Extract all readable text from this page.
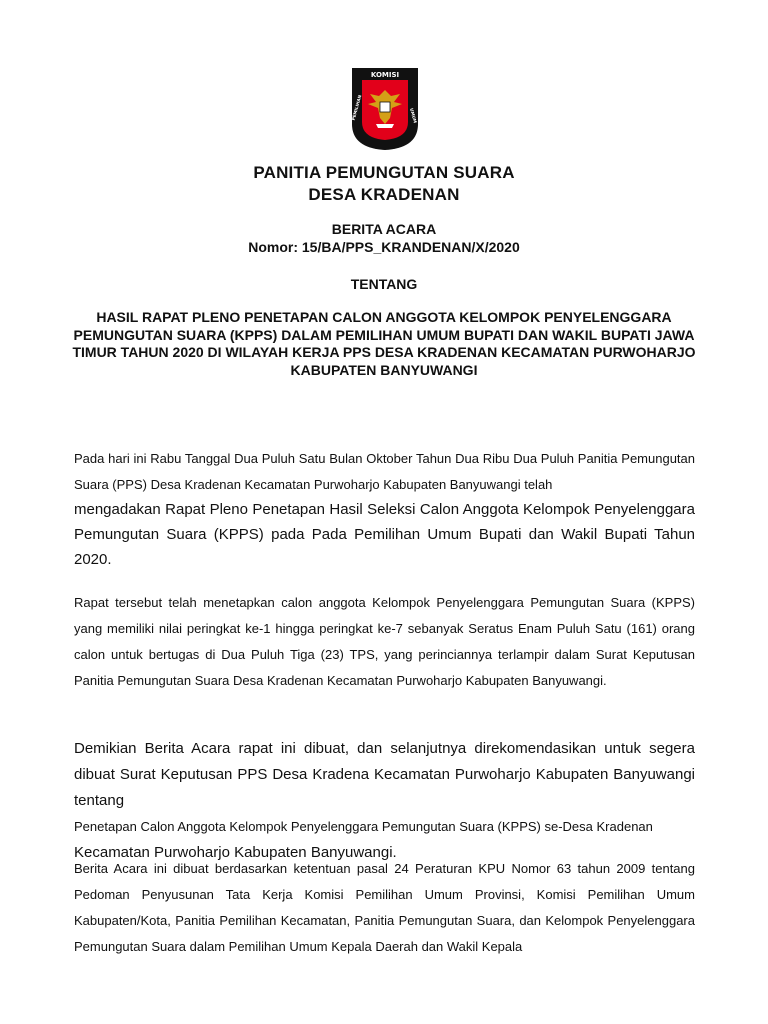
KOMISI
PEMILIHAN	UMUM
PANITIA PEMUNGUTAN SUARA
DESA KRADENAN
BERITA ACARA
Nomor: 15/BA/PPS_KRANDENAN/X/2020
TENTANG
HASIL RAPAT PLENO PENETAPAN CALON ANGGOTA KELOMPOK PENYELENGGARA PEMUNGUTAN SUARA (KPPS) DALAM PEMILIHAN UMUM BUPATI DAN WAKIL BUPATI JAWA TIMUR TAHUN 2020 DI WILAYAH KERJA PPS DESA KRADENAN KECAMATAN PURWOHARJO KABUPATEN BANYUWANGI
Pada hari ini Rabu Tanggal Dua Puluh Satu Bulan Oktober Tahun Dua Ribu Dua Puluh Panitia Pemungutan Suara (PPS) Desa Kradenan Kecamatan Purwoharjo Kabupaten Banyuwangi telah
mengadakan Rapat Pleno Penetapan Hasil Seleksi Calon Anggota Kelompok Penyelenggara Pemungutan Suara (KPPS) pada Pada Pemilihan Umum Bupati dan Wakil Bupati Tahun 2020.
Rapat tersebut telah menetapkan calon anggota Kelompok Penyelenggara Pemungutan Suara (KPPS) yang memiliki nilai peringkat ke-1 hingga peringkat ke-7 sebanyak Seratus Enam Puluh Satu (161) orang calon untuk bertugas di Dua Puluh Tiga (23) TPS, yang perinciannya terlampir dalam Surat Keputusan Panitia Pemungutan Suara Desa Kradenan Kecamatan Purwoharjo Kabupaten Banyuwangi.
Demikian Berita Acara rapat ini dibuat, dan selanjutnya direkomendasikan untuk segera dibuat Surat Keputusan PPS Desa Kradena Kecamatan Purwoharjo Kabupaten Banyuwangi tentang
Penetapan Calon Anggota Kelompok Penyelenggara Pemungutan Suara (KPPS) se-Desa Kradenan
Kecamatan Purwoharjo Kabupaten Banyuwangi.
Berita Acara ini dibuat berdasarkan ketentuan pasal 24 Peraturan KPU Nomor 63 tahun 2009 tentang Pedoman Penyusunan Tata Kerja Komisi Pemilihan Umum Provinsi, Komisi Pemilihan Umum Kabupaten/Kota, Panitia Pemilihan Kecamatan, Panitia Pemungutan Suara, dan Kelompok Penyelenggara Pemungutan Suara dalam Pemilihan Umum Kepala Daerah dan Wakil Kepala
